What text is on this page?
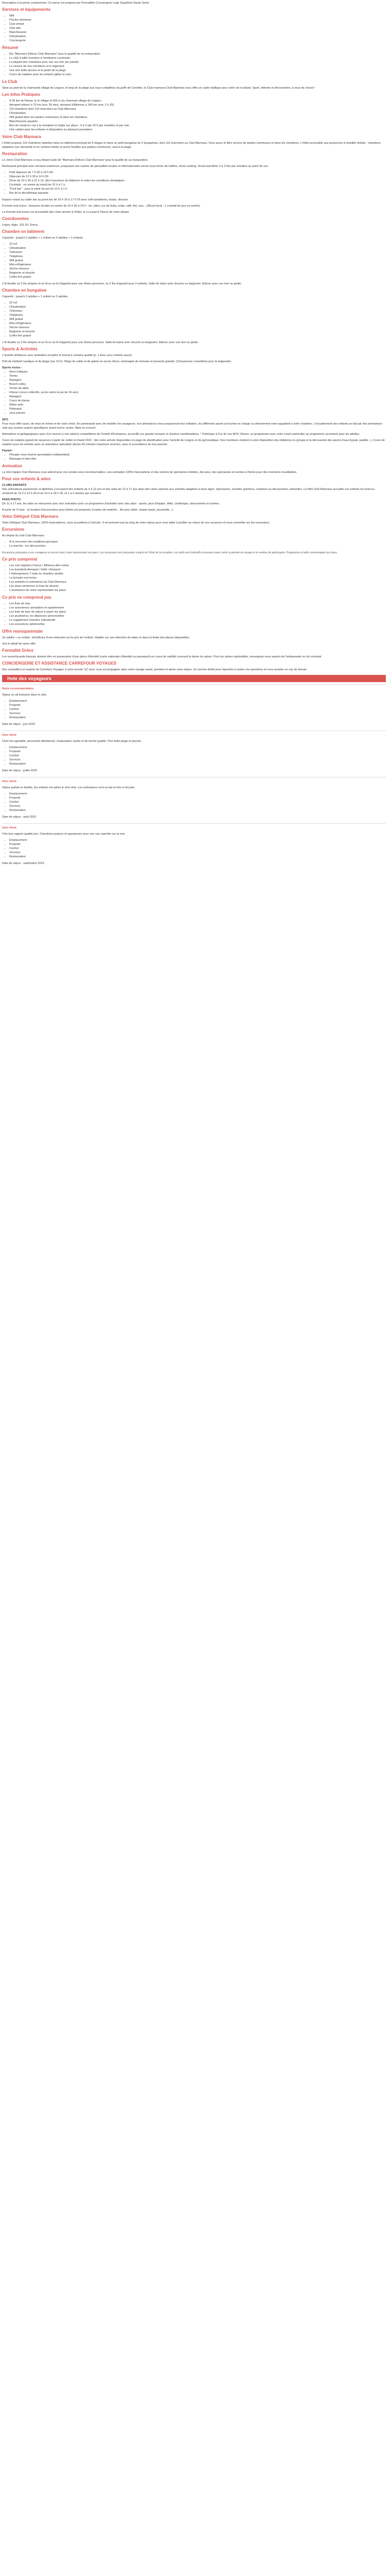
Description à la prime compromise: Ce prime est proposé par Formalités Conciergerie Loge Dauphiné Haute Seine

Services et équipements
• Wifi
• Piscine intérieure
• Club enfant
• Club ado
• Blanchisserie
• Climatisation
• Conciergerie
Résumé
• Élu "Marmara Délices Club Marmara" pour la qualité de sa restauration
• Le club à taille humaine à l'ambiance conviviale
• La plupart des chambres avec vue sur mer (en partiel)
• Le service de nos chambres et le logement
• Une très belle piscine et le jardin de la plage
• Cours de natation pour les enfants (gilles le soir)
Le Club

Situé au pied de la charmante village de Lingoro, le long de la plage aux eaux cristallines du golfe de Corinthe, le Club marmara Club Marmara vous offre un cadre idyllique pour votre vie et plaisir. Sport, détente et découvertes, à vous de choisir !

Les Infos Pratiques
• A 35 km de Patras, le le village et 900 m du charmant village de Lingoro.
• Aéroport infrieur à 70 km (env. 55 min), aéroport d'Athènes à 190 km (env. 2 h 20).
• 119 chambres dont 110 réservées au Club Marmara.
• Climatisation.
• Wifi gratuit dans les parties communes et dans les chambres.
• Blanchisserie payante.
• Bon de retrait en cas à la réception et régler sur place : 6 à 3 par 10 € par chambre et par nuit.
• Une cabine pour les enfants et disposition au daimacd prestation.
Votre Club Marmara

L'hôtel propose 119 chambres réparties dans un bâtiment principal de 6 étages et dans un petit bungalow de 2 bungalows, dont 110 réservées au Club Marmara. Vous aurez le libre service de parties communes et dans les chambres. L'hôtel accessible aux personnes à mobilité réduite : chambres adaptées (sur demande et en nombre limité) et accès facilités aux parties communes, sauf à la plage.

Restauration

Le Jeroo Club Marmara a reçu Award suite de "Marmara Délices Club Marmara" pour la qualité de sa restauration.

Restaurant principal avec terrasse extérieure, proposant une cuisine de spécialités locales et internationales servie sous forme de buffets, show cooking. Snack-bar/diner 2 à 3 fois par semaine au point de vue.

• Petit déjeuner de 7 h 30 à 10 h 00.
• Déjeuner de 12 h 30 à 14 h 30.
• Dîner de 19 h 30 à 21 h 15, dès l'ouverture du bâtiment et selon les conditions climatiques.
• Cocktails : en soirée du mardi de 10 h à 1 h.
• "Pool bar" : pour le partir de pot de 10 h à 1 h.
• Bar de la discothèque payante.

Espace snack au cadre bar au point bar de 10 h 30 à 17 h 30 avec soft-sandwichs, toasts, dessert.

Formule tout inclus : boissons locales en soirée de 10 h 30 à 23 h : vin, bière, jus de fruits, soda, café, thé, eau... (Alcool local : 1 cocktail du jour ou soirée).

La formule tout inclus est accessible dès votre arrivée à l'hôtel, et ce jusqu'à l'heure de votre départ.

Coordonnées

Logos, Aigio, 331 00, Grèce.

Chambre en bâtiment

Capacité : jusqu'à 3 adultes + 1 enfant ou 2 adultes + 2 enfants.

• 22 m2
• Climatisation
• Télévision
• Téléphone
• Wifi gratuit
• Mini-réfrigérateur
• Sèche-cheveux
• Baignoire et douche
• Coffre-fort gratuit

2 lit double ou 2 lits simples et un lit ou un lit d'appoint pour une 3ème personne, ou 2 lits d'appoint pour 2 enfants. Salle de bains avec douche ou baignoire. Balcon avec vue mer ou jardin.

Chambre en bungalow

Capacité : jusqu'à 3 adultes + 1 enfant ou 2 adultes.

• 22 m2
• Climatisation
• Télévision
• Téléphone
• Wifi gratuit
• Mini-réfrigérateur
• Sèche-cheveux
• Baignoire et douche
• Coffre-fort gratuit

1 lit double ou 2 lits simples et un lit ou un lit d'appoint pour une 3ème personne. Salle de bains avec douche ou baignoire. Balcon avec vue mer ou jardin.

Sports & Activités

L'activité ambiance avec animation encadré et fournit à certains qualité (p. 1 Avec pour enfants aussi).

Prêt de matériel nautique et de plage (sur 10 h). Plage de sable et de galets en accès direct, aménagée de transats et parasols gratuits. (Chaussures conseillées pour la baignade).

Sports inclus :

• Aires ludiques
• Tennis
• Aquagym
• Beach-volley
• Tennis de table
• Fitness (cours collectifs, accès selon le jeu de 16 ans)
• Aquagym
• Cours de danse
• Water-polo
• Pétanque
• Jeux piscine

SPO

Pour nous offrir aussi, de mise en forme et de votre choix. En partenariat avec de mobilier les voyageurs, nos animateurs vous proposeront leur initiation, les différents sports sont prise en charge ou directement notre aqualand à votre chambre. L'encadrement des enfants se fait par des animateurs club aux normes auprès spécifiques avant tout le centre. Mais en concert.

Animations et pédagogiques avec d'un tournoi à nos ateliers compétitives de Comité d'Entreprise, accueillis sur grande terrasse et d'autres manifestations. * Participez à l'un de nos BOX (Venez, un programme avec votre coach particulier au programme accentué) pour les adultes.

Cours de natation gratuit de vacances à partir de Juillet et d'août 2022 : dès notre arrivée disponibles en page de planification pour l'activité de Lingoro et de gymnastique. Des moniteurs mettent à votre disposition des initiations en groupe et la découverte des sports d'eau (kayak, paddle...). Cours de natation pour les enfants avec un animateur spécialisé (durée 45 minutes maximum environ), sous la surveillance de leur parents.

Payant :

• Plongée sous-marine (prestataire indépendant)
• Massage et bien-être
Animation

La mini équipe Club Marmara vous attend pour vos rendez-vous incontournables, une animation 100% francophone et des soirées de spectacles inédites, des jeux, des spectacles et soirées à thème pour des moments inoubliables.

Pour vos enfants & ados

CLUBS ENFANTS

Nos animateurs passionnés et diplômés s'occupent des enfants de 4 à 12 ans et des ados de 13 à 17 ans dans des clubs séparés aux activités adaptées à leurs âges. Spectacles, activités sportives, créatives ou découvertes culturelles. Le Mini Club Marmara accueille vos enfants du lundi au vendredi de 10 h à 12 h 30 et de 15 h à 18 h 30, et 1 à 2 soirées par semaine.

PASS PHOTO

De 11 à 17 ans, les ados se retrouvent avec leur animateur pour un programme d'activités avec des ados : sports, jeux d'équipe, défis, challenges, découvertes et soirées.

À partir de 3 mois : la location d'accessoires pour bébés est proposée (cuisine de matériel... lits pour bébé, chaise haute, poussette...).

Votre Délégué Club Marmara

Votre Délégué Club Marmara, 100% francophone, vous accueillera à l'arrivée. Il est présent tout au long de votre séjour pour vous aider à profiter au mieux de vos vacances et vous conseiller sur les excursions.

Excursions

Au départ du club Club Marmara :

• À la rencontre des traditions grecques
• La marche : les découvertes

Excursions proposées à nos voyageurs en accord avec notre représentant sur place. Les excursions sont proposées à partir de l'hôtel de la réception. Les tarifs sont indicatifs et peuvent varier selon la période de voyage et le nombre de participants. Programme et tarifs communiqués sur place.

Ce prix comprend
• Les vols réguliers France / Athènes aller-retour
• Les transferts Aéroport / hôtel / Aéroport
• L'hébergement 7 nuits en chambre double
• La formule tout inclus
• Les activités et animations du Club Marmara
• Les taxes aériennes et frais de dossier
• L'assistance de notre représentant sur place
Ce prix ne comprend pas
• Les frais de visa
• Les assurances annulation et rapatriement
• Les frais de taxe de séjour à payer sur place
• Les pourboires, les dépenses personnelles
• Le supplément chambre individuelle
• Les excursions optionnelles
Offre monoparentale

Un adulte + un enfant : bénéficiez d'une réduction sur le prix de l'enfant. Valable sur une sélection de dates et dans la limite des places disponibles.

Voir le détail de notre offre

Formalité Grèce

Les ressortissants français doivent être en possession d'une pièce d'identité (carte nationale d'identité ou passeport) en cours de validité couvrant la durée du séjour. Pour les autres nationalités, renseignez-vous auprès de l'ambassade ou du consulat.

CONCIERGERIE ET ASSISTANCE CARREFOUR VOYAGES

Des conseillers et experts de Carrefour Voyages à votre écoute 7j/7 pour vous accompagner dans votre voyage avant, pendant et après votre séjour. Un service dédié pour répondre à toutes vos questions et vous assister en cas de besoin.

Hote des voyageurs

Notre recommandation

Séjour en all inclusive dans le club.

• Emplacement
• Propreté
• Confort
• Services
• Restauration

Date de séjour : juin 2023

Avis client

Club très agréable, personnel attentionné, restauration variée et de bonne qualité. Très belle plage et piscine.

• Emplacement
• Propreté
• Confort
• Services
• Restauration

Date de séjour : juillet 2023

Avis client

Séjour parfait en famille, les enfants ont adoré le mini club. Les animateurs sont au top et très à l'écoute.

• Emplacement
• Propreté
• Confort
• Services
• Restauration

Date de séjour : août 2023

Avis client

Très bon rapport qualité prix. Chambres propres et spacieuses avec une vue superbe sur la mer.

• Emplacement
• Propreté
• Confort
• Services
• Restauration

Date de séjour : septembre 2023
